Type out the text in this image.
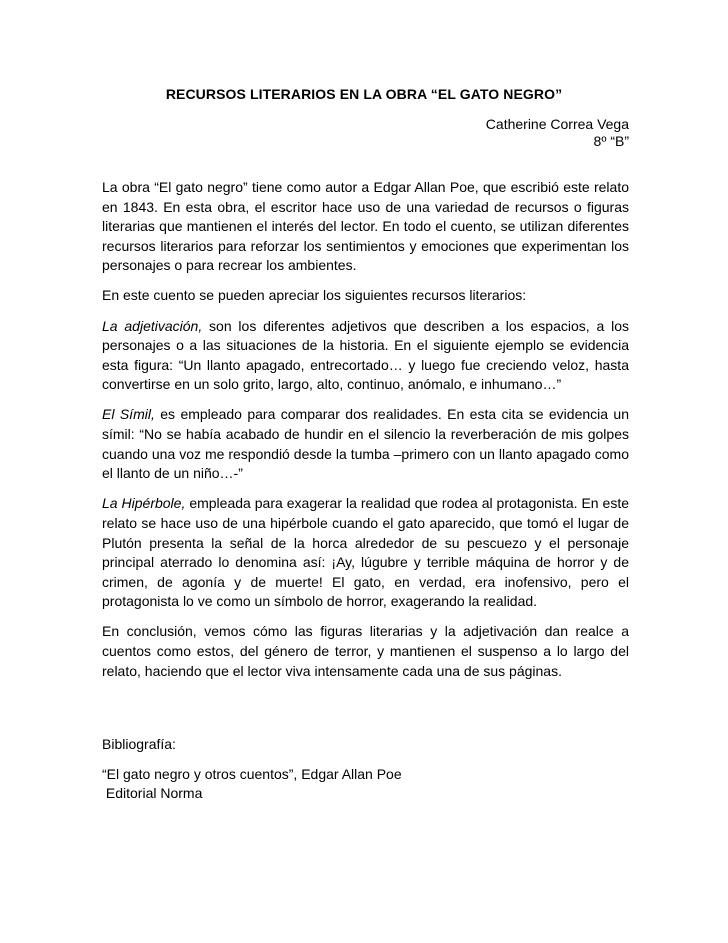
RECURSOS LITERARIOS EN LA OBRA “EL GATO NEGRO”
Catherine Correa Vega
8º “B”

La obra “El gato negro” tiene como autor a Edgar Allan Poe, que escribió este relato en 1843. En esta obra, el escritor hace uso de una variedad de recursos o figuras literarias que mantienen el interés del lector. En todo el cuento, se utilizan diferentes recursos literarios para reforzar los sentimientos y emociones que experimentan los personajes o para recrear los ambientes.

En este cuento se pueden apreciar los siguientes recursos literarios:

La adjetivación, son los diferentes adjetivos que describen a los espacios, a los personajes o a las situaciones de la historia. En el siguiente ejemplo se evidencia esta figura: “Un llanto apagado, entrecortado… y luego fue creciendo veloz, hasta convertirse en un solo grito, largo, alto, continuo, anómalo, e inhumano…”

El Símil, es empleado para comparar dos realidades. En esta cita se evidencia un símil: “No se había acabado de hundir en el silencio la reverberación de mis golpes cuando una voz me respondió desde la tumba –primero con un llanto apagado como el llanto de un niño…-”

La Hipérbole, empleada para exagerar la realidad que rodea al protagonista. En este relato se hace uso de una hipérbole cuando el gato aparecido, que tomó el lugar de Plutón presenta la señal de la horca alrededor de su pescuezo y el personaje principal aterrado lo denomina así: ¡Ay, lúgubre y terrible máquina de horror y de crimen, de agonía y de muerte! El gato, en verdad, era inofensivo, pero el protagonista lo ve como un símbolo de horror, exagerando la realidad.

En conclusión, vemos cómo las figuras literarias y la adjetivación dan realce a cuentos como estos, del género de terror, y mantienen el suspenso a lo largo del relato, haciendo que el lector viva intensamente cada una de sus páginas.

Bibliografía:
“El gato negro y otros cuentos”, Edgar Allan Poe
Editorial Norma
